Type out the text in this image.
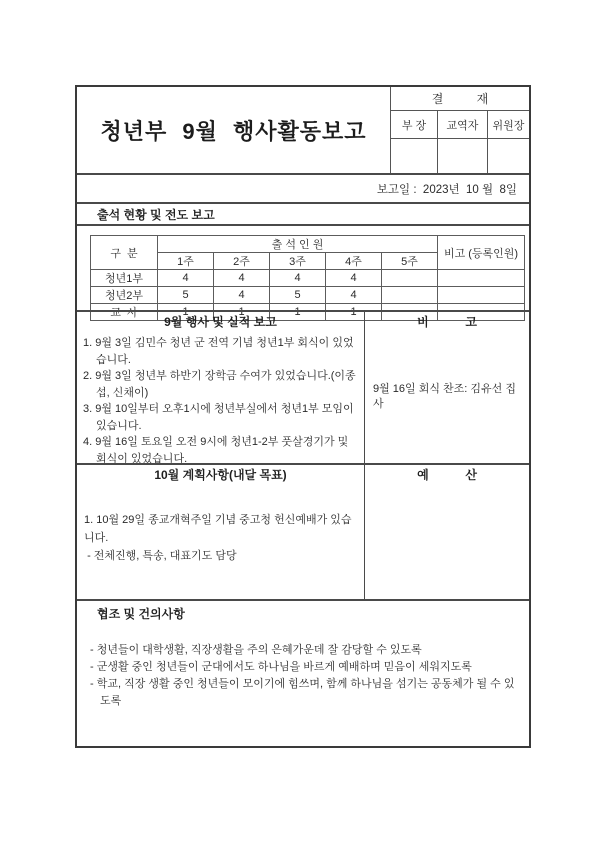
청년부 9월 행사활동보고
결          재
부 장	교역자	위원장
보고일 :  2023년  10 월  8일
출석 현황 및 전도 보고
구  분	출 석 인 원					비고 (등록인원)
	1주	2주	3주	4주	5주	
청년1부	4	4	4	4		
청년2부	5	4	5	4		
교  사	1	1	1	1		
9월 행사 및 실적 보고	비           고
1. 9월 3일 김민수 청년 군 전역 기념 청년1부 회식이 있었습니다.
2. 9월 3일 청년부 하반기 장학금 수여가 있었습니다.(이종섭, 신채이)
3. 9월 10일부터 오후1시에 청년부실에서 청년1부 모임이 있습니다.
4. 9월 16일 토요일 오전 9시에 청년1-2부 풋살경기가 및 회식이 있었습니다.
9월 16일 회식 찬조: 김유선 집사
10월 계획사항(내달 목표)	예           산
1. 10월 29일 종교개혁주일 기념 중고청 헌신예배가 있습니다.
- 전체진행, 특송, 대표기도 담당
협조 및 건의사항
- 청년들이 대학생활, 직장생활을 주의 은혜가운데 잘 감당할 수 있도록
- 군생활 중인 청년들이 군대에서도 하나님을 바르게 예배하며 믿음이 세워지도록
- 학교, 직장 생활 중인 청년들이 모이기에 힘쓰며, 함께 하나님을 섬기는 공동체가 될 수 있도록
